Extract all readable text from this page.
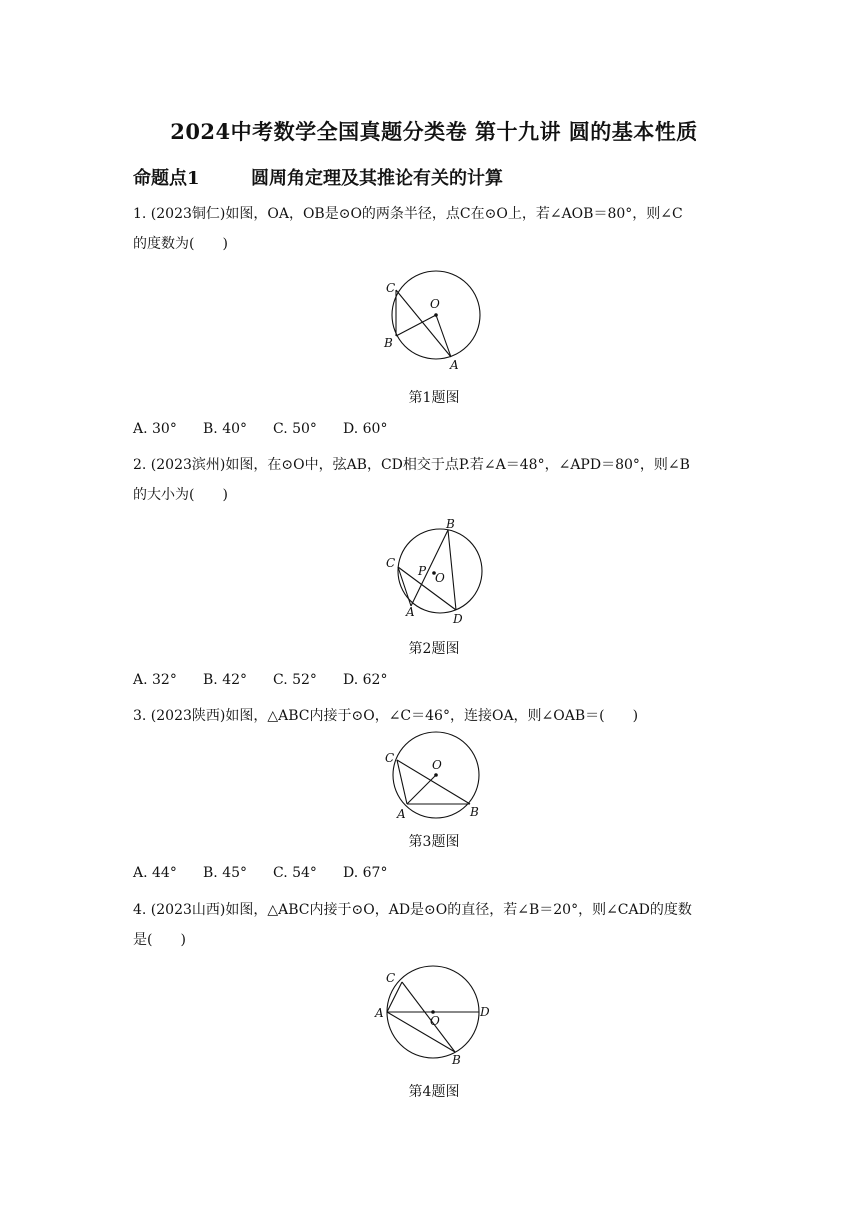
2024中考数学全国真题分类卷 第十九讲 圆的基本性质
命题点1	圆周角定理及其推论有关的计算
1. (2023铜仁)如图，OA，OB是⊙O的两条半径，点C在⊙O上，若∠AOB＝80°，则∠C
的度数为(　　)
C
O
B
A
第1题图
A. 30° B. 40° C. 50° D. 60°
2. (2023滨州)如图，在⊙O中，弦AB，CD相交于点P.若∠A＝48°，∠APD＝80°，则∠B
的大小为(　　)
B
C
P O
A	D
第2题图
A. 32° B. 42° C. 52° D. 62°
3. (2023陕西)如图，△ABC内接于⊙O，∠C＝46°，连接OA，则∠OAB＝(　　)
C	O
A	B
第3题图
A. 44° B. 45° C. 54° D. 67°
4. (2023山西)如图，△ABC内接于⊙O，AD是⊙O的直径，若∠B＝20°，则∠CAD的度数
是(　　)
C
A
O
D
B
第4题图
